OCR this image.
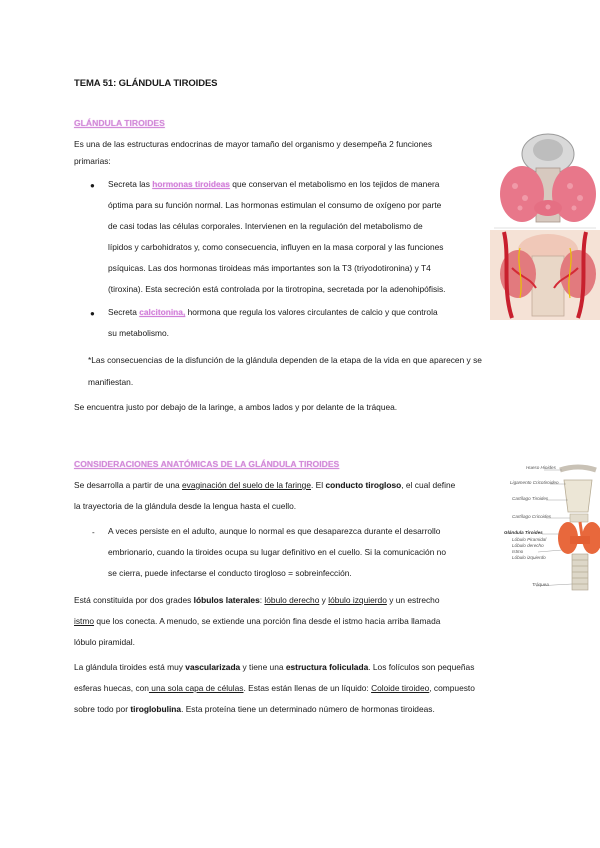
TEMA 51: GLÁNDULA TIROIDES
GLÁNDULA TIROIDES
Es una de las estructuras endocrinas de mayor tamaño del organismo y desempeña 2 funciones
primarias:
● Secreta las hormonas tiroideas que conservan el metabolismo en los tejidos de manera
óptima para su función normal. Las hormonas estimulan el consumo de oxígeno por parte
de casi todas las células corporales. Intervienen en la regulación del metabolismo de
lípidos y carbohidratos y, como consecuencia, influyen en la masa corporal y las funciones
psíquicas. Las dos hormonas tiroideas más importantes son la T3 (triyodotironina) y T4
(tiroxina). Esta secreción está controlada por la tirotropina, secretada por la adenohipófisis.
● Secreta calcitonina, hormona que regula los valores circulantes de calcio y que controla
su metabolismo.
*Las consecuencias de la disfunción de la glándula dependen de la etapa de la vida en que aparecen y se
manifiestan.
Se encuentra justo por debajo de la laringe, a ambos lados y por delante de la tráquea.
CONSIDERACIONES ANATÓMICAS DE LA GLÁNDULA TIROIDES
Se desarrolla a partir de una evaginación del suelo de la faringe. El conducto tirogloso, el cual define
la trayectoria de la glándula desde la lengua hasta el cuello.
- A veces persiste en el adulto, aunque lo normal es que desaparezca durante el desarrollo
embrionario, cuando la tiroides ocupa su lugar definitivo en el cuello. Si la comunicación no
se cierra, puede infectarse el conducto tirogloso = sobreinfección.
Está constituida por dos grades lóbulos laterales: lóbulo derecho y lóbulo izquierdo y un estrecho
istmo que los conecta. A menudo, se extiende una porción fina desde el istmo hacia arriba llamada
lóbulo piramidal.
La glándula tiroides está muy vascularizada y tiene una estructura foliculada. Los folículos son pequeñas
esferas huecas, con una sola capa de células. Estas están llenas de un líquido: Coloide tiroideo, compuesto
sobre todo por tiroglobulina. Esta proteína tiene un determinado número de hormonas tiroideas.
Hueso Hioides
Ligamento Cricotiroideo
Cartílago Tiroides
Cartílago Cricoides
Glándula Tiroides
Lóbulo Piramidal
Lóbulo derecho
Istmo
Lóbulo izquierdo
Tráquea
